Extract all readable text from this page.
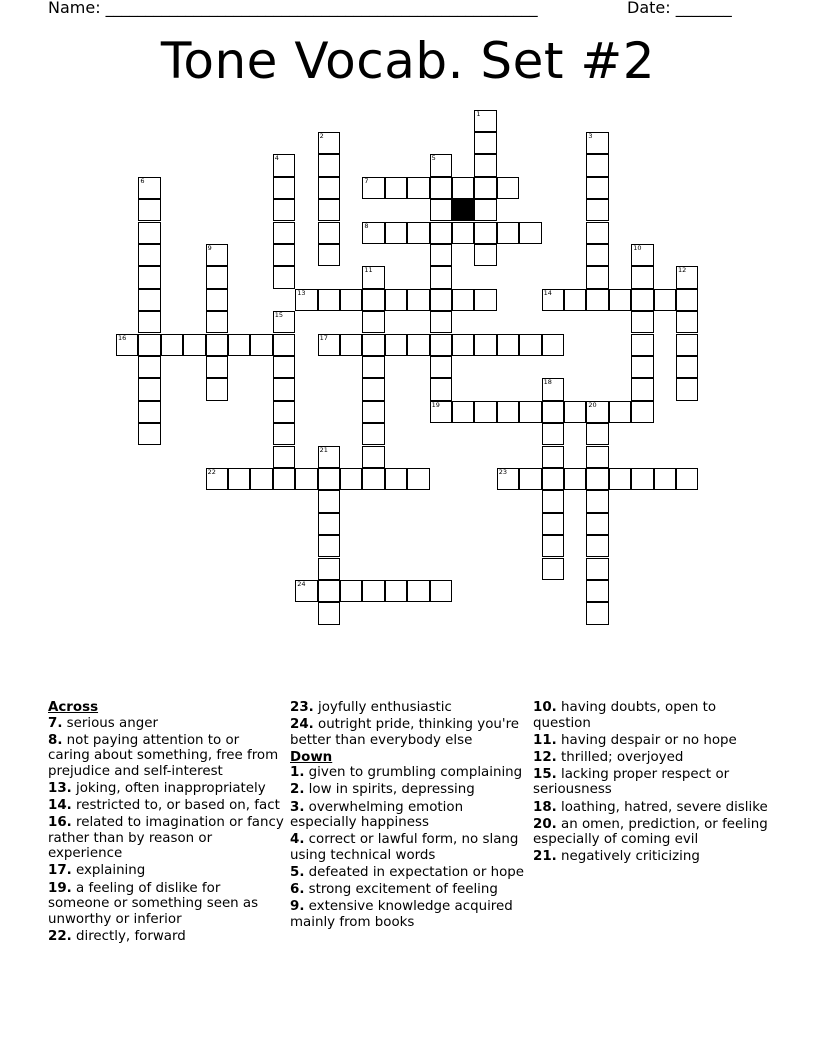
Name: ______________________________________________________	Date: _______
Tone Vocab. Set #2
7
8
13	14
16	17
19	20
22	23
24
1
2	3
4	5
6
9	10
11	12
15
18
21
Across
7. serious anger
8. not paying attention to or caring about something, free from prejudice and self-interest
13. joking, often inappropriately
14. restricted to, or based on, fact
16. related to imagination or fancy rather than by reason or experience
17. explaining
19. a feeling of dislike for someone or something seen as unworthy or inferior
22. directly, forward
23. joyfully enthusiastic
24. outright pride, thinking you're better than everybody else
Down
1. given to grumbling complaining
2. low in spirits, depressing
3. overwhelming emotion especially happiness
4. correct or lawful form, no slang using technical words
5. defeated in expectation or hope
6. strong excitement of feeling
9. extensive knowledge acquired mainly from books
10. having doubts, open to question
11. having despair or no hope
12. thrilled; overjoyed
15. lacking proper respect or seriousness
18. loathing, hatred, severe dislike
20. an omen, prediction, or feeling especially of coming evil
21. negatively criticizing
